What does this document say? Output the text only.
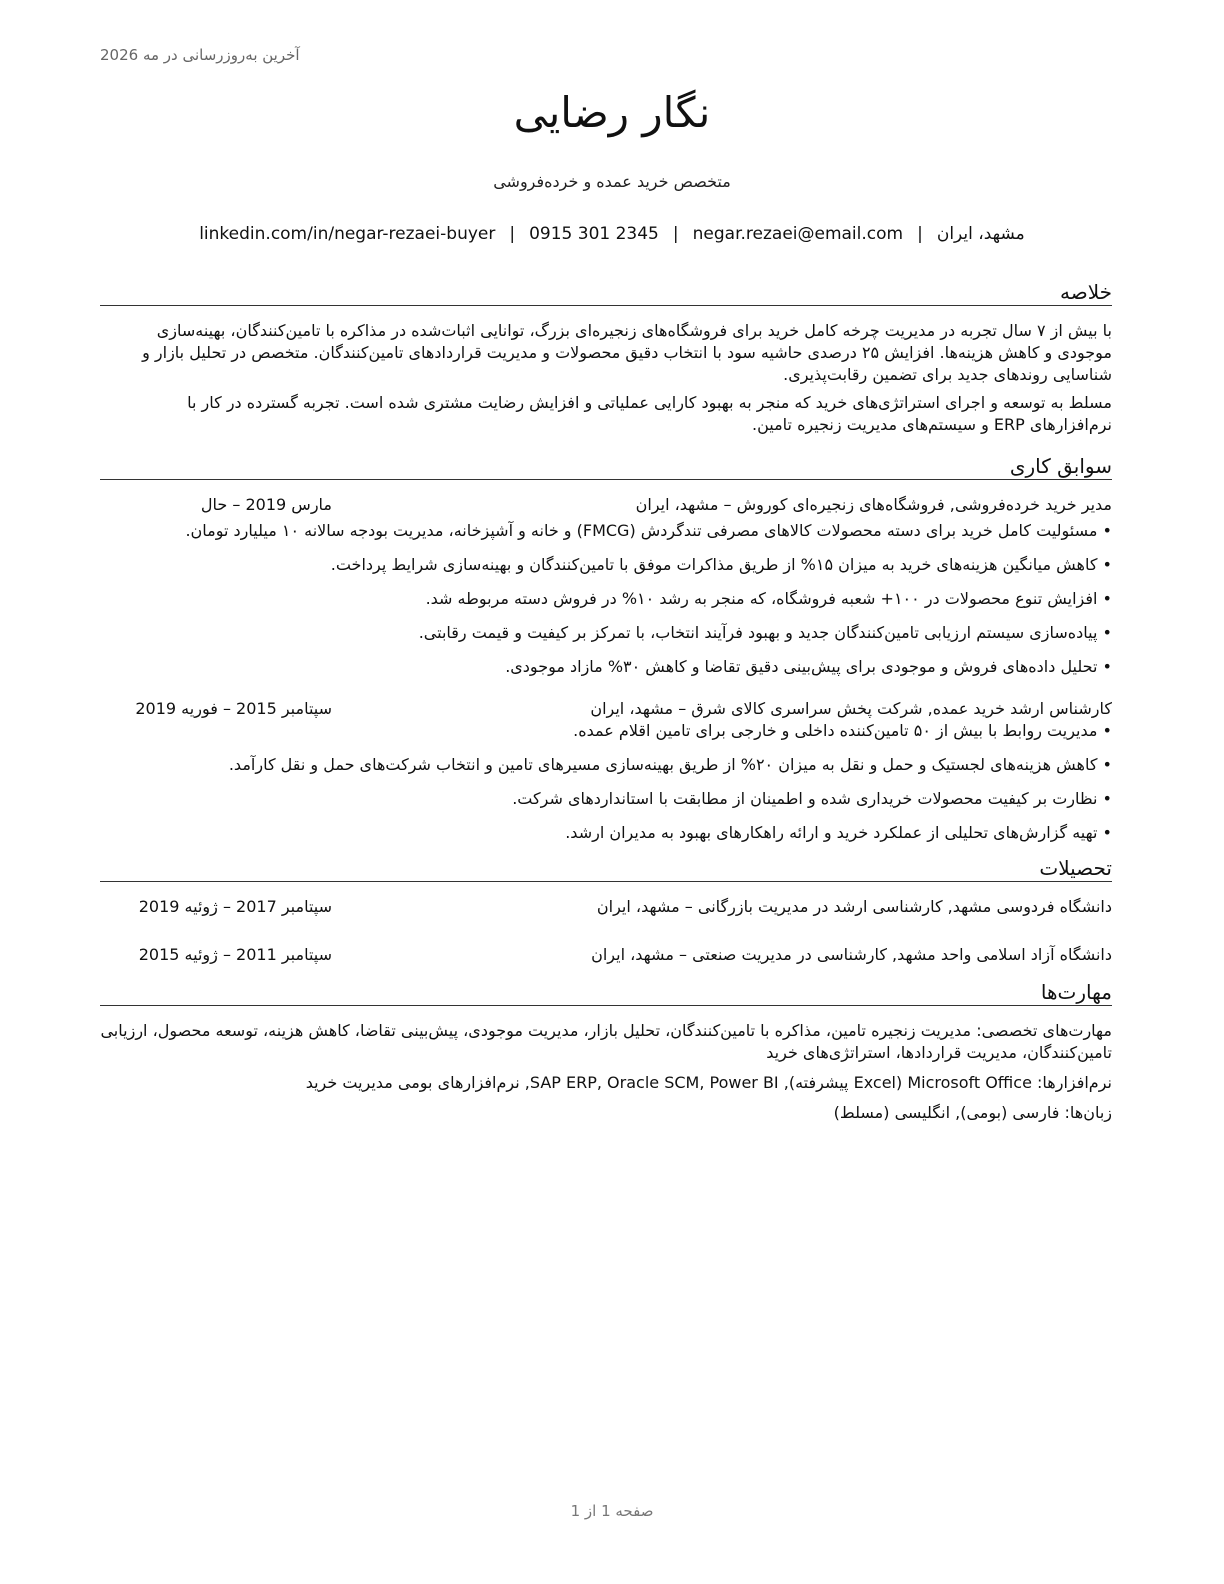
آخرین به‌روزرسانی در مه 2026
نگار رضایی
متخصص خرید عمده و خرده‌فروشی
مشهد، ایران|negar.rezaei@email.com|0915 301 2345|linkedin.com/in/negar-rezaei-buyer
خلاصه

با بیش از ۷ سال تجربه در مدیریت چرخه کامل خرید برای فروشگاه‌های زنجیره‌ای بزرگ، توانایی اثبات‌شده در مذاکره با تامین‌کنندگان، بهینه‌سازی موجودی و کاهش هزینه‌ها. افزایش ۲۵ درصدی حاشیه سود با انتخاب دقیق محصولات و مدیریت قراردادهای تامین‌کنندگان. متخصص در تحلیل بازار و شناسایی روندهای جدید برای تضمین رقابت‌پذیری.

مسلط به توسعه و اجرای استراتژی‌های خرید که منجر به بهبود کارایی عملیاتی و افزایش رضایت مشتری شده است. تجربه گسترده در کار با نرم‌افزارهای ERP و سیستم‌های مدیریت زنجیره تامین.

سوابق کاری
مدیر خرید خرده‌فروشی, فروشگاه‌های زنجیره‌ای کوروش – مشهد، ایران
مارس 2019 – حال
• مسئولیت کامل خرید برای دسته محصولات کالاهای مصرفی تندگردش (FMCG) و خانه و آشپزخانه، مدیریت بودجه سالانه ۱۰ میلیارد تومان.
• کاهش میانگین هزینه‌های خرید به میزان ۱۵% از طریق مذاکرات موفق با تامین‌کنندگان و بهینه‌سازی شرایط پرداخت.
• افزایش تنوع محصولات در ۱۰۰+ شعبه فروشگاه، که منجر به رشد ۱۰% در فروش دسته مربوطه شد.
• پیاده‌سازی سیستم ارزیابی تامین‌کنندگان جدید و بهبود فرآیند انتخاب، با تمرکز بر کیفیت و قیمت رقابتی.
• تحلیل داده‌های فروش و موجودی برای پیش‌بینی دقیق تقاضا و کاهش ۳۰% مازاد موجودی.
کارشناس ارشد خرید عمده, شرکت پخش سراسری کالای شرق – مشهد، ایران
سپتامبر 2015 – فوریه 2019
• مدیریت روابط با بیش از ۵۰ تامین‌کننده داخلی و خارجی برای تامین اقلام عمده.
• کاهش هزینه‌های لجستیک و حمل و نقل به میزان ۲۰% از طریق بهینه‌سازی مسیرهای تامین و انتخاب شرکت‌های حمل و نقل کارآمد.
• نظارت بر کیفیت محصولات خریداری شده و اطمینان از مطابقت با استانداردهای شرکت.
• تهیه گزارش‌های تحلیلی از عملکرد خرید و ارائه راهکارهای بهبود به مدیران ارشد.
تحصیلات
دانشگاه فردوسی مشهد, کارشناسی ارشد در مدیریت بازرگانی – مشهد، ایران
سپتامبر 2017 – ژوئیه 2019
دانشگاه آزاد اسلامی واحد مشهد, کارشناسی در مدیریت صنعتی – مشهد، ایران
سپتامبر 2011 – ژوئیه 2015
مهارت‌ها
مهارت‌های تخصصی: مدیریت زنجیره تامین، مذاکره با تامین‌کنندگان، تحلیل بازار، مدیریت موجودی، پیش‌بینی تقاضا، کاهش هزینه، توسعه محصول، ارزیابی تامین‌کنندگان، مدیریت قراردادها، استراتژی‌های خرید
نرم‌افزارها: Microsoft Office (Excel پیشرفته), SAP ERP, Oracle SCM, Power BI, نرم‌افزارهای بومی مدیریت خرید
زبان‌ها: فارسی (بومی), انگلیسی (مسلط)
صفحه 1 از 1
